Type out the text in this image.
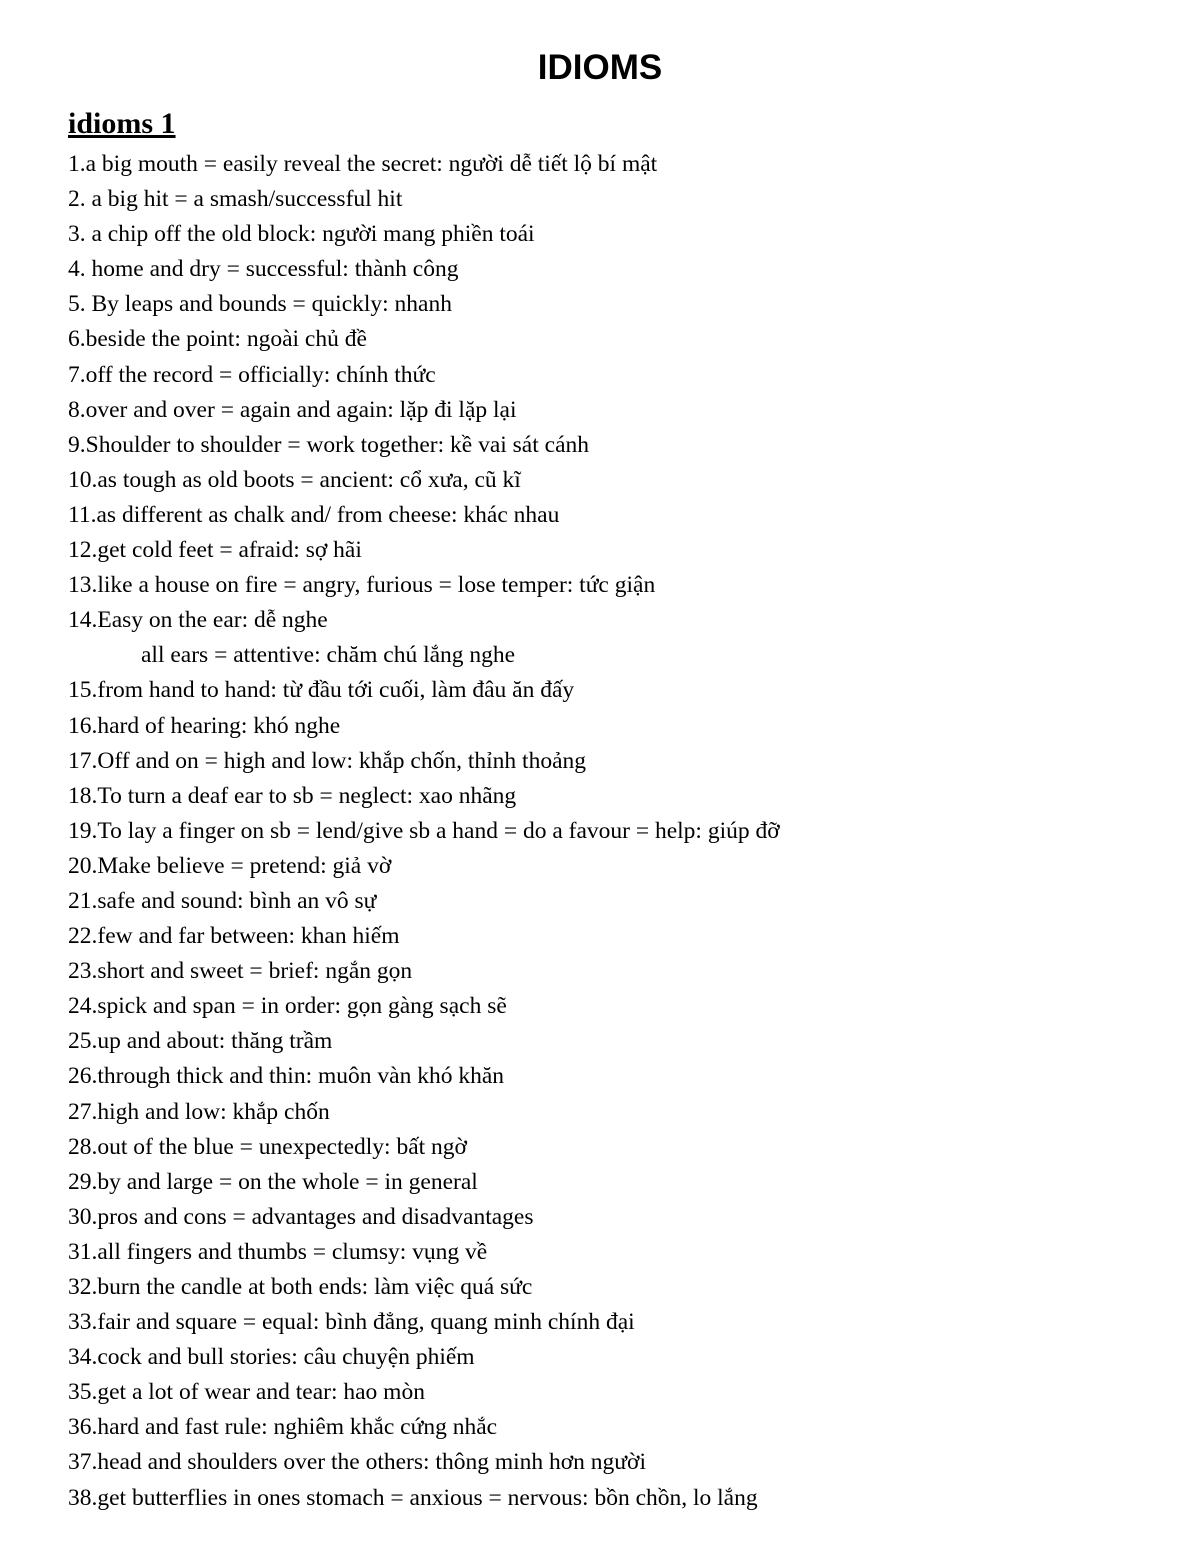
IDIOMS
idioms 1
1.a big mouth = easily reveal the secret: người dễ tiết lộ bí mật
2. a big hit = a smash/successful hit
3. a chip off the old block: người mang phiền toái
4. home and dry = successful: thành công
5. By leaps and bounds = quickly: nhanh
6.beside the point: ngoài chủ đề
7.off the record = officially: chính thức
8.over and over = again and again: lặp đi lặp lại
9.Shoulder to shoulder = work together: kề vai sát cánh
10.as tough as old boots = ancient: cổ xưa, cũ kĩ
11.as different as chalk and/ from cheese: khác nhau
12.get cold feet = afraid: sợ hãi
13.like a house on fire = angry, furious = lose temper: tức giận
14.Easy on the ear: dễ nghe
all ears = attentive: chăm chú lắng nghe
15.from hand to hand: từ đầu tới cuối, làm đâu ăn đấy
16.hard of hearing: khó nghe
17.Off and on = high and low: khắp chốn, thỉnh thoảng
18.To turn a deaf ear to sb = neglect: xao nhãng
19.To lay a finger on sb = lend/give sb a hand = do a favour = help: giúp đỡ
20.Make believe = pretend: giả vờ
21.safe and sound: bình an vô sự
22.few and far between: khan hiếm
23.short and sweet = brief: ngắn gọn
24.spick and span = in order: gọn gàng sạch sẽ
25.up and about: thăng trầm
26.through thick and thin: muôn vàn khó khăn
27.high and low: khắp chốn
28.out of the blue = unexpectedly: bất ngờ
29.by and large = on the whole = in general
30.pros and cons = advantages and disadvantages
31.all fingers and thumbs = clumsy: vụng về
32.burn the candle at both ends: làm việc quá sức
33.fair and square = equal: bình đẳng, quang minh chính đại
34.cock and bull stories: câu chuyện phiếm
35.get a lot of wear and tear: hao mòn
36.hard and fast rule: nghiêm khắc cứng nhắc
37.head and shoulders over the others: thông minh hơn người
38.get butterflies in ones stomach = anxious = nervous: bồn chồn, lo lắng
